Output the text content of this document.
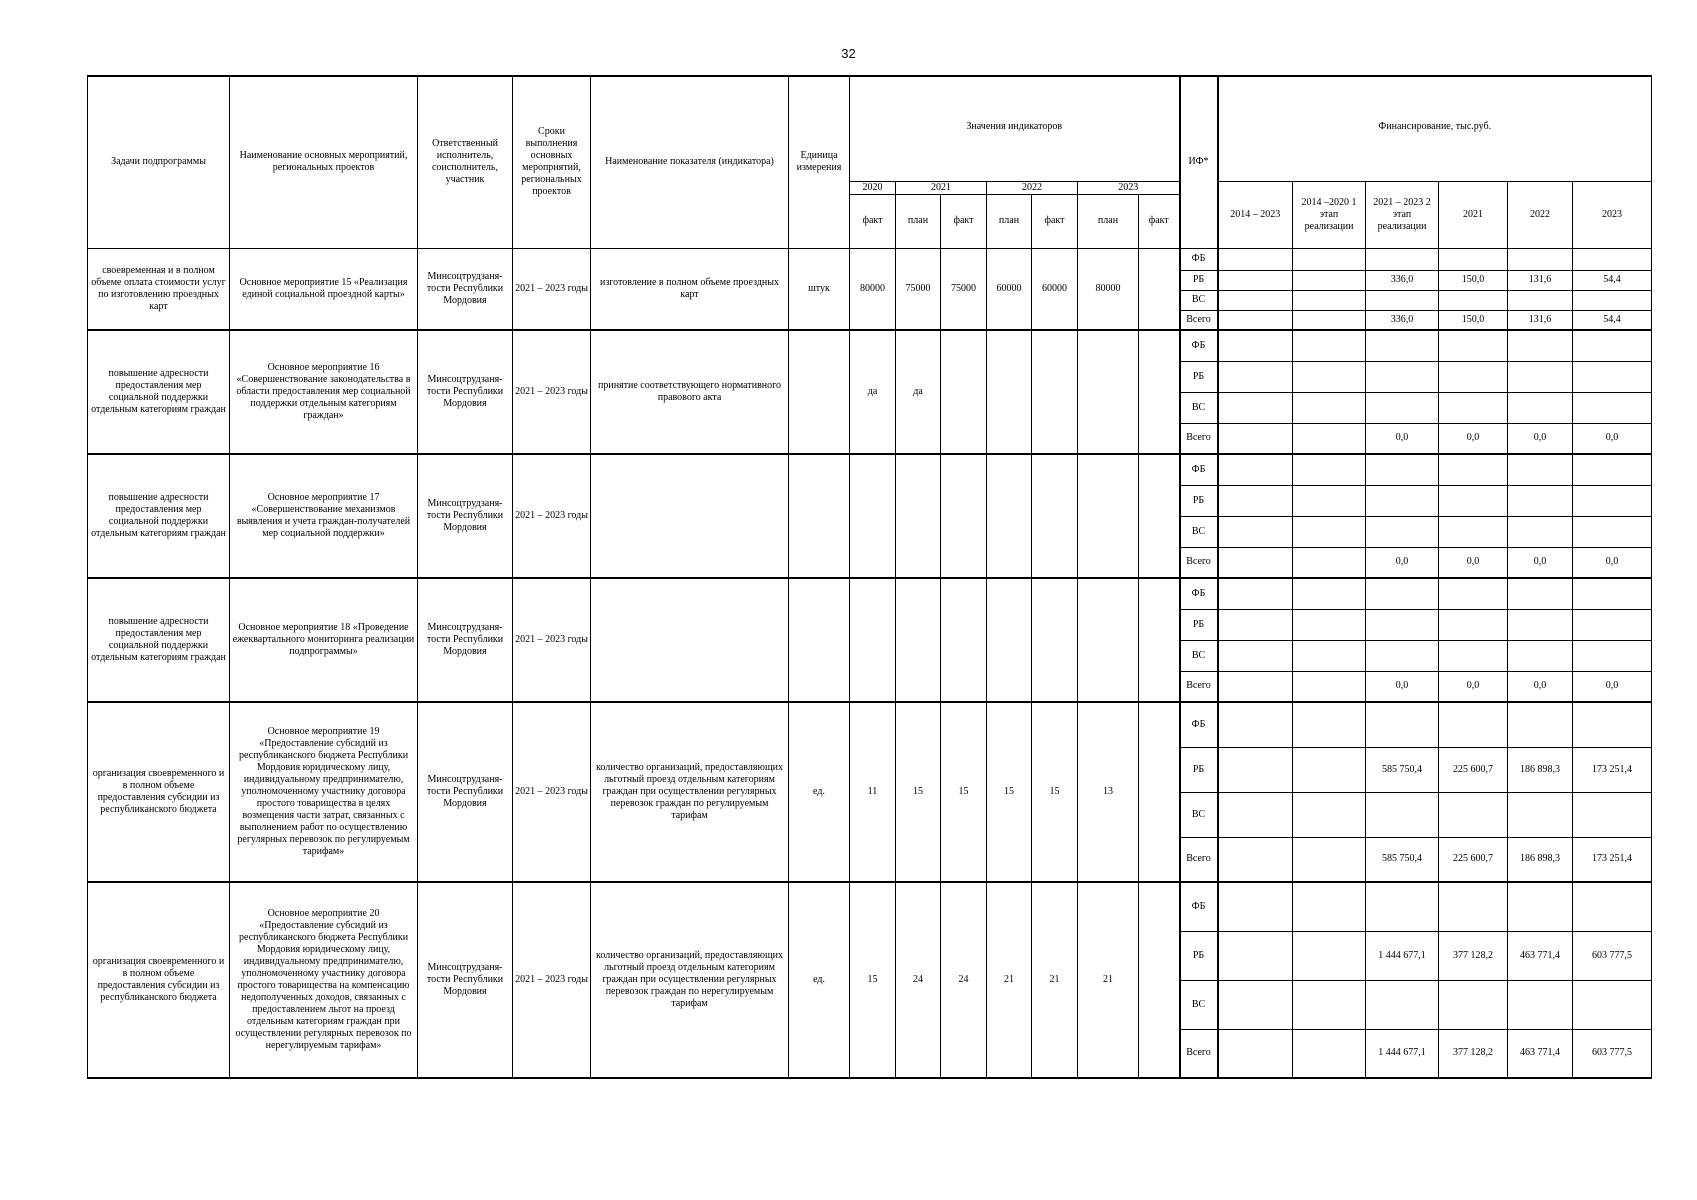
32
Задачи подпрограммы	Наименование основных мероприятий, региональных проектов	Ответственный исполнитель, соисполнитель, участник	Сроки выполнения основных мероприятий, региональных проектов	Наименование показателя (индикатора)	Единица измерения	Значения индикаторов							ИФ*	Финансирование, тыс.руб.					
						2020	2021		2022		2023			2014 – 2023	2014 –2020 1 этап реализации	2021 – 2023 2 этап реализации	2021	2022	2023
						факт	план	факт	план	факт	план	факт							
своевременная и в полном объеме оплата стоимости услуг по изготовлению проездных карт	Основное мероприятие 15 «Реализация единой социальной проездной карты»	Минсоцтрудзаня-тости Республики Мордовия	2021 – 2023 годы	изготовление в полном объеме проездных карт	штук	80000	75000	75000	60000	60000	80000		ФБ						
													РБ			336,0	150,0	131,6	54,4
													ВС						
													Всего			336,0	150,0	131,6	54,4
повышение адресности предоставления мер социальной поддержки отдельным категориям граждан	Основное мероприятие 16 «Совершенствование законодательства в области предоставления мер социальной поддержки отдельным категориям граждан»	Минсоцтрудзаня-тости Республики Мордовия	2021 – 2023 годы	принятие соответствующего нормативного правового акта		да	да						ФБ						
													РБ						
													ВС						
													Всего			0,0	0,0	0,0	0,0
повышение адресности предоставления мер социальной поддержки отдельным категориям граждан	Основное мероприятие 17 «Совершенствование механизмов выявления и учета граждан-получателей мер социальной поддержки»	Минсоцтрудзаня-тости Республики Мордовия	2021 – 2023 годы										ФБ						
													РБ						
													ВС						
													Всего			0,0	0,0	0,0	0,0
повышение адресности предоставления мер социальной поддержки отдельным категориям граждан	Основное мероприятие 18 «Проведение ежеквартального мониторинга реализации подпрограммы»	Минсоцтрудзаня-тости Республики Мордовия	2021 – 2023 годы										ФБ						
													РБ						
													ВС						
													Всего			0,0	0,0	0,0	0,0
организация своевременного и в полном объеме предоставления субсидии из республиканского бюджета	Основное мероприятие 19 «Предоставление субсидий из республиканского бюджета Республики Мордовия юридическому лицу, индивидуальному предпринимателю, уполномоченному участнику договора простого товарищества в целях возмещения части затрат, связанных с выполнением работ по осуществлению регулярных перевозок по регулируемым тарифам»	Минсоцтрудзаня-тости Республики Мордовия	2021 – 2023 годы	количество организаций, предоставляющих льготный проезд отдельным категориям граждан при осуществлении регулярных перевозок граждан по регулируемым тарифам	ед.	11	15	15	15	15	13		ФБ						
													РБ			585 750,4	225 600,7	186 898,3	173 251,4
													ВС						
													Всего			585 750,4	225 600,7	186 898,3	173 251,4
организация своевременного и в полном объеме предоставления субсидии из республиканского бюджета	Основное мероприятие 20 «Предоставление субсидий из республиканского бюджета Республики Мордовия юридическому лицу, индивидуальному предпринимателю, уполномоченному участнику договора простого товарищества на компенсацию недополученных доходов, связанных с предоставлением льгот на проезд отдельным категориям граждан при осуществлении регулярных перевозок по нерегулируемым тарифам»	Минсоцтрудзаня-тости Республики Мордовия	2021 – 2023 годы	количество организаций, предоставляющих льготный проезд отдельным категориям граждан при осуществлении регулярных перевозок граждан по нерегулируемым тарифам	ед.	15	24	24	21	21	21		ФБ						
													РБ			1 444 677,1	377 128,2	463 771,4	603 777,5
													ВС						
													Всего			1 444 677,1	377 128,2	463 771,4	603 777,5
